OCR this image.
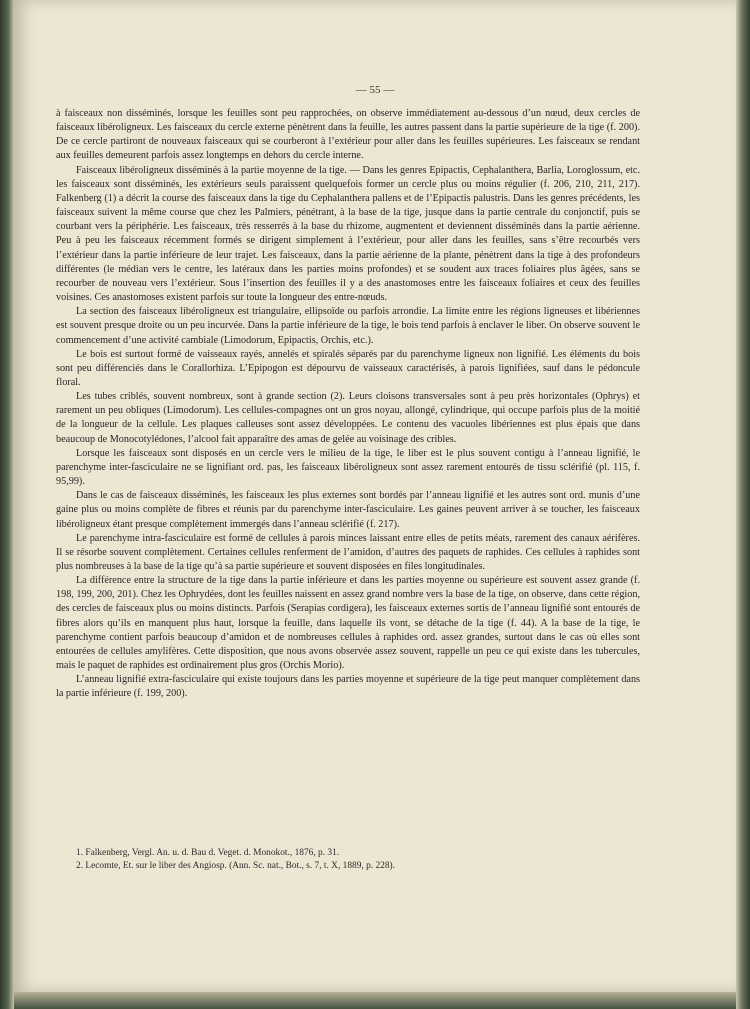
— 55 —

à faisceaux non disséminés, lorsque les feuilles sont peu rapprochées, on observe immédiatement au-dessous d’un nœud, deux cercles de faisceaux libéroligneux. Les faisceaux du cercle externe pénètrent dans la feuille, les autres passent dans la partie supérieure de la tige (f. 200). De ce cercle partiront de nouveaux faisceaux qui se courberont à l’extérieur pour aller dans les feuilles supérieures. Les faisceaux se rendant aux feuilles demeurent parfois assez longtemps en dehors du cercle interne.

Faisceaux libéroligneux disséminés à la partie moyenne de la tige. — Dans les genres Epipactis, Cephalanthera, Barlia, Loroglossum, etc. les faisceaux sont disséminés, les extérieurs seuls paraissent quelquefois former un cercle plus ou moins régulier (f. 206, 210, 211, 217). Falkenberg (1) a décrit la course des faisceaux dans la tige du Cephalanthera pallens et de l’Epipactis palustris. Dans les genres précédents, les faisceaux suivent la même course que chez les Palmiers, pénétrant, à la base de la tige, jusque dans la partie centrale du conjonctif, puis se courbant vers la périphérie. Les faisceaux, très resserrés à la base du rhizome, augmentent et deviennent disséminés dans la partie aérienne. Peu à peu les faisceaux récemment formés se dirigent simplement à l’extérieur, pour aller dans les feuilles, sans s’être recourbés vers l’extérieur dans la partie inférieure de leur trajet. Les faisceaux, dans la partie aérienne de la plante, pénètrent dans la tige à des profondeurs différentes (le médian vers le centre, les latéraux dans les parties moins profondes) et se soudent aux traces foliaires plus âgées, sans se recourber de nouveau vers l’extérieur. Sous l’insertion des feuilles il y a des anastomoses entre les faisceaux foliaires et ceux des feuilles voisines. Ces anastomoses existent parfois sur toute la longueur des entre-nœuds.

La section des faisceaux libéroligneux est triangulaire, ellipsoïde ou parfois arrondie. La limite entre les régions ligneuses et libériennes est souvent presque droite ou un peu incurvée. Dans la partie inférieure de la tige, le bois tend parfois à enclaver le liber. On observe souvent le commencement d’une activité cambiale (Limodorum, Epipactis, Orchis, etc.).

Le bois est surtout formé de vaisseaux rayés, annelés et spiralés séparés par du parenchyme ligneux non lignifié. Les éléments du bois sont peu différenciés dans le Corallorhiza. L’Epipogon est dépourvu de vaisseaux caractérisés, à parois lignifiées, sauf dans le pédoncule floral.

Les tubes criblés, souvent nombreux, sont à grande section (2). Leurs cloisons transversales sont à peu près horizontales (Ophrys) et rarement un peu obliques (Limodorum). Les cellules-compagnes ont un gros noyau, allongé, cylindrique, qui occupe parfois plus de la moitié de la longueur de la cellule. Les plaques calleuses sont assez développées. Le contenu des vacuoles libériennes est plus épais que dans beaucoup de Monocotylédones, l’alcool fait apparaître des amas de gelée au voisinage des cribles.

Lorsque les faisceaux sont disposés en un cercle vers le milieu de la tige, le liber est le plus souvent contigu à l’anneau lignifié, le parenchyme inter-fasciculaire ne se lignifiant ord. pas, les faisceaux libéroligneux sont assez rarement entourés de tissu sclérifié (pl. 115, f. 95,99).

Dans le cas de faisceaux disséminés, les faisceaux les plus externes sont bordés par l’anneau lignifié et les autres sont ord. munis d’une gaine plus ou moins complète de fibres et réunis par du parenchyme inter-fasciculaire. Les gaines peuvent arriver à se toucher, les faisceaux libéroligneux étant presque complètement immergés dans l’anneau sclérifié (f. 217).

Le parenchyme intra-fasciculaire est formé de cellules à parois minces laissant entre elles de petits méats, rarement des canaux aérifères. Il se résorbe souvent complètement. Certaines cellules renferment de l’amidon, d’autres des paquets de raphides. Ces cellules à raphides sont plus nombreuses à la base de la tige qu’à sa partie supérieure et souvent disposées en files longitudinales.

La différence entre la structure de la tige dans la partie inférieure et dans les parties moyenne ou supérieure est souvent assez grande (f. 198, 199, 200, 201). Chez les Ophrydées, dont les feuilles naissent en assez grand nombre vers la base de la tige, on observe, dans cette région, des cercles de faisceaux plus ou moins distincts. Parfois (Serapias cordigera), les faisceaux externes sortis de l’anneau lignifié sont entourés de fibres alors qu’ils en manquent plus haut, lorsque la feuille, dans laquelle ils vont, se détache de la tige (f. 44). A la base de la tige, le parenchyme contient parfois beaucoup d’amidon et de nombreuses cellules à raphides ord. assez grandes, surtout dans le cas où elles sont entourées de cellules amylifères. Cette disposition, que nous avons observée assez souvent, rappelle un peu ce qui existe dans les tubercules, mais le paquet de raphides est ordinairement plus gros (Orchis Morio).

L’anneau lignifié extra-fasciculaire qui existe toujours dans les parties moyenne et supérieure de la tige peut manquer complètement dans la partie inférieure (f. 199, 200).

1. Falkenberg, Vergl. An. u. d. Bau d. Veget. d. Monokot., 1876, p. 31.

2. Lecomte, Et. sur le liber des Angiosp. (Ann. Sc. nat., Bot., s. 7, t. X, 1889, p. 228).
